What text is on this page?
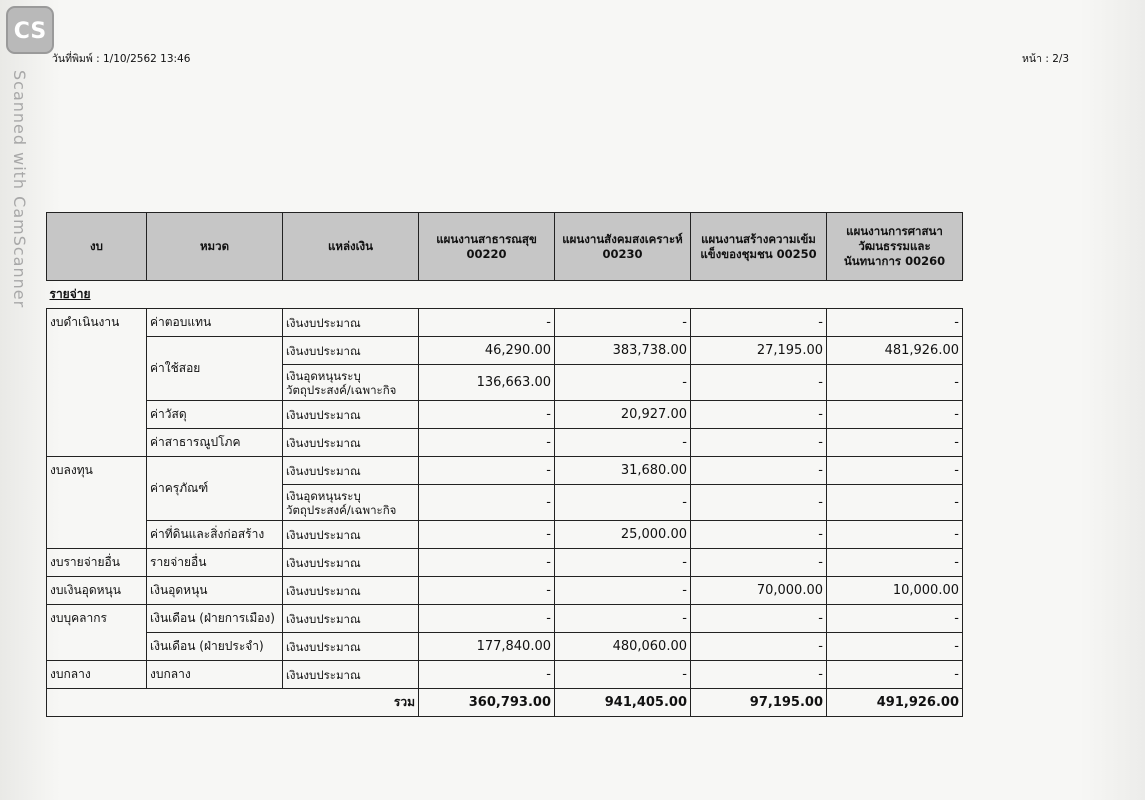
CS
Scanned with CamScanner
วันที่พิมพ์ : 1/10/2562 13:46	หน้า : 2/3
งบ	หมวด	แหล่งเงิน	แผนงานสาธารณสุข 00220	แผนงานสังคมสงเคราะห์ 00230	แผนงานสร้างความเข้มแข็งของชุมชน 00250	แผนงานการศาสนาวัฒนธรรมและนันทนาการ 00260
รายจ่าย						
งบดำเนินงาน	ค่าตอบแทน	เงินงบประมาณ	-	-	-	-
	ค่าใช้สอย	เงินงบประมาณ	46,290.00	383,738.00	27,195.00	481,926.00
		เงินอุดหนุนระบุวัตถุประสงค์/เฉพาะกิจ	136,663.00	-	-	-
	ค่าวัสดุ	เงินงบประมาณ	-	20,927.00	-	-
	ค่าสาธารณูปโภค	เงินงบประมาณ	-	-	-	-
งบลงทุน	ค่าครุภัณฑ์	เงินงบประมาณ	-	31,680.00	-	-
		เงินอุดหนุนระบุวัตถุประสงค์/เฉพาะกิจ	-	-	-	-
	ค่าที่ดินและสิ่งก่อสร้าง	เงินงบประมาณ	-	25,000.00	-	-
งบรายจ่ายอื่น	รายจ่ายอื่น	เงินงบประมาณ	-	-	-	-
งบเงินอุดหนุน	เงินอุดหนุน	เงินงบประมาณ	-	-	70,000.00	10,000.00
งบบุคลากร	เงินเดือน (ฝ่ายการเมือง)	เงินงบประมาณ	-	-	-	-
	เงินเดือน (ฝ่ายประจำ)	เงินงบประมาณ	177,840.00	480,060.00	-	-
งบกลาง	งบกลาง	เงินงบประมาณ	-	-	-	-
รวม			360,793.00	941,405.00	97,195.00	491,926.00
